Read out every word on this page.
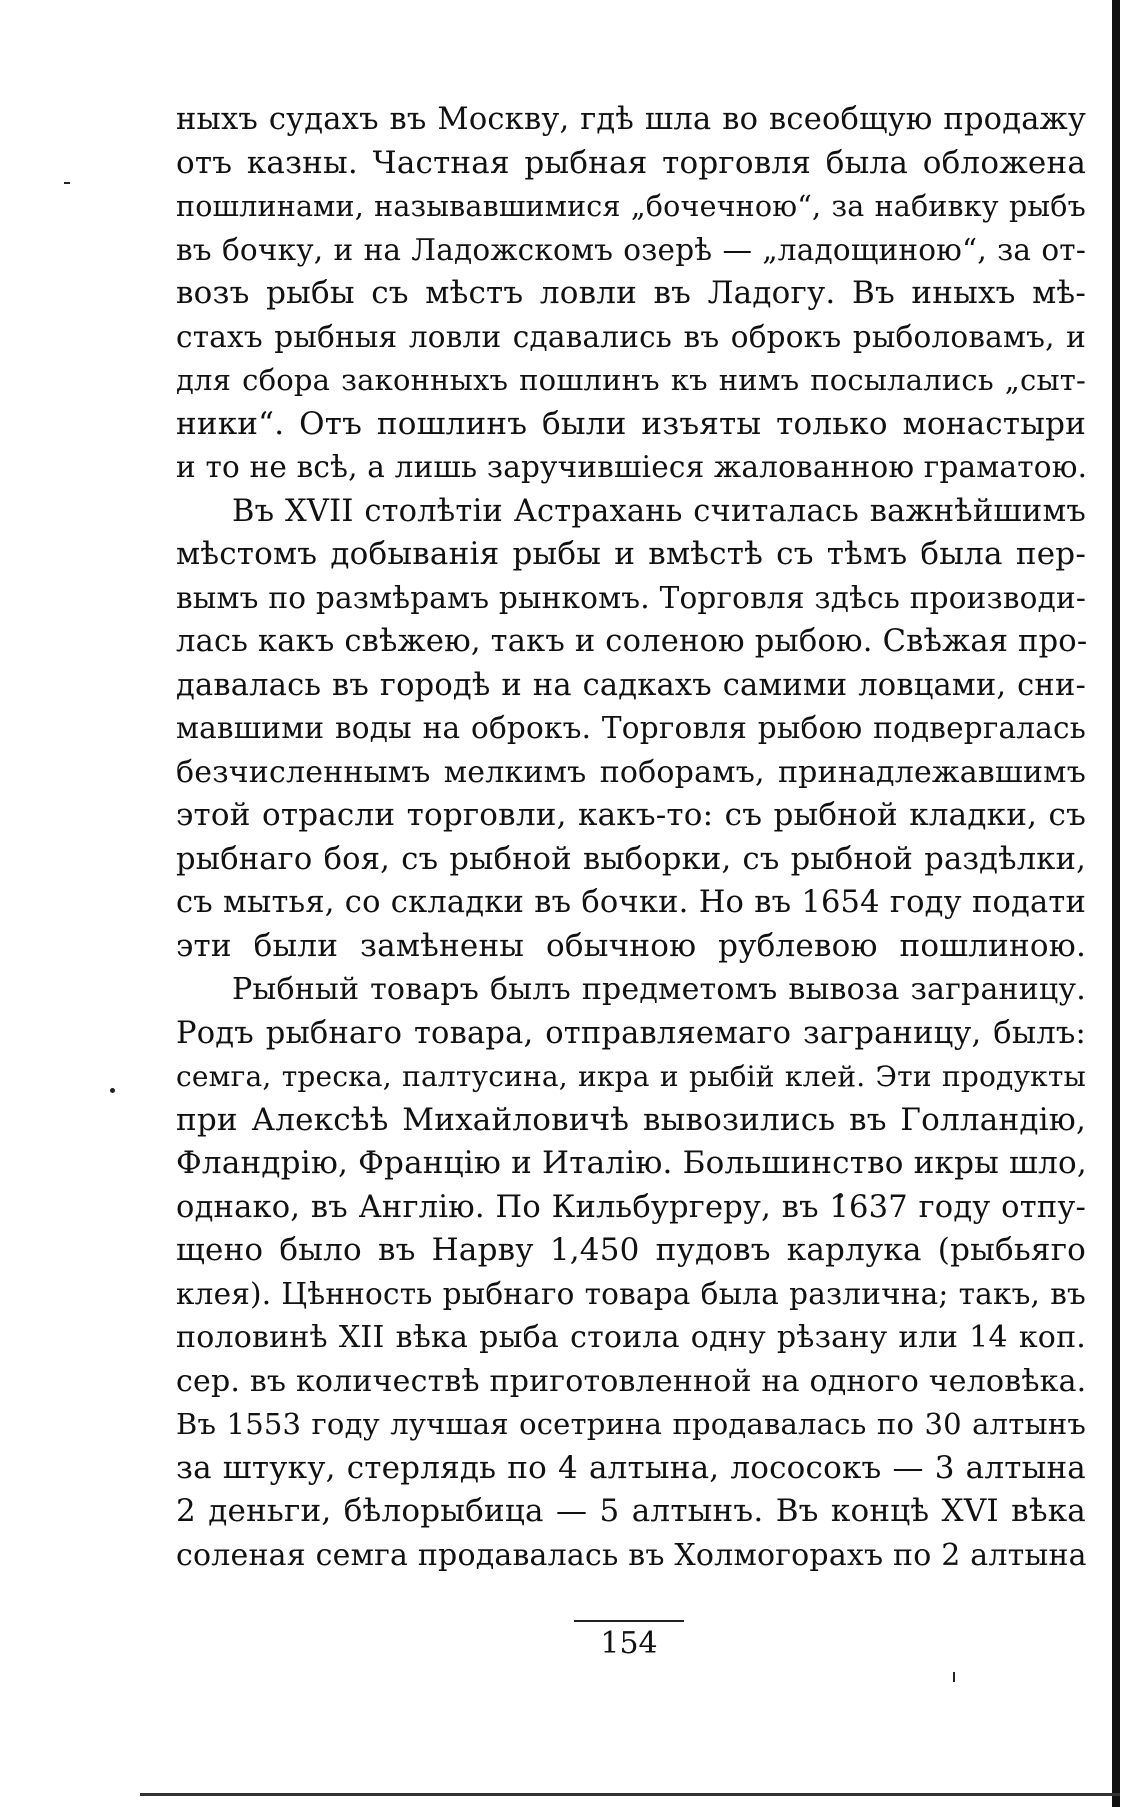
ныхъ судахъ въ Москву, гдѣ шла во всеобщую продажу
отъ казны. Частная рыбная торговля была обложена
пошлинами, называвшимися „бочечною“, за набивку рыбъ
въ бочку, и на Ладожскомъ озерѣ — „ладощиною“, за от-
возъ рыбы съ мѣстъ ловли въ Ладогу. Въ иныхъ мѣ-
стахъ рыбныя ловли сдавались въ оброкъ рыболовамъ, и
для сбора законныхъ пошлинъ къ нимъ посылались „сыт-
ники“. Отъ пошлинъ были изъяты только монастыри
и то не всѣ, а лишь заручившіеся жалованною граматою.
Въ XVII столѣтіи Астрахань считалась важнѣйшимъ
мѣстомъ добыванія рыбы и вмѣстѣ съ тѣмъ была пер-
вымъ по размѣрамъ рынкомъ. Торговля здѣсь производи-
лась какъ свѣжею, такъ и соленою рыбою. Свѣжая про-
давалась въ городѣ и на садкахъ самими ловцами, сни-
мавшими воды на оброкъ. Торговля рыбою подвергалась
безчисленнымъ мелкимъ поборамъ, принадлежавшимъ
этой отрасли торговли, какъ-то: съ рыбной кладки, съ
рыбнаго боя, съ рыбной выборки, съ рыбной раздѣлки,
съ мытья, со складки въ бочки. Но въ 1654 году подати
эти были замѣнены обычною рублевою пошлиною.
Рыбный товаръ былъ предметомъ вывоза заграницу.
Родъ рыбнаго товара, отправляемаго заграницу, былъ:
семга, треска, палтусина, икра и рыбій клей. Эти продукты
при Алексѣѣ Михайловичѣ вывозились въ Голландію,
Фландрію, Францію и Италію. Большинство икры шло,
однако, въ Англію. По Кильбургеру, въ 1637 году отпу-
щено было въ Нарву 1,450 пудовъ карлука (рыбьяго
клея). Цѣнность рыбнаго товара была различна; такъ, въ
половинѣ XII вѣка рыба стоила одну рѣзану или 14 коп.
сер. въ количествѣ приготовленной на одного человѣка.
Въ 1553 году лучшая осетрина продавалась по 30 алтынъ
за штуку, стерлядь по 4 алтына, лососокъ — 3 алтына
2 деньги, бѣлорыбица — 5 алтынъ. Въ концѣ XVI вѣка
соленая семга продавалась въ Холмогорахъ по 2 алтына
154
